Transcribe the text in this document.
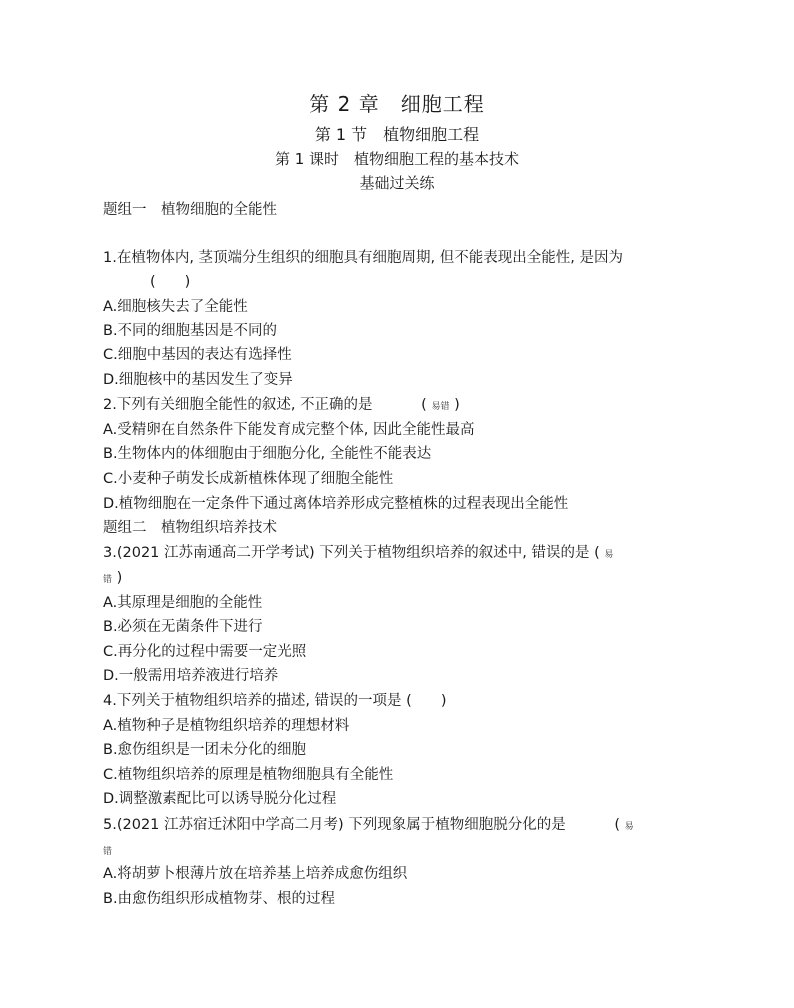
第 2 章　细胞工程
第 1 节　植物细胞工程
第 1 课时　植物细胞工程的基本技术
基础过关练
题组一　植物细胞的全能性
1.在植物体内, 茎顶端分生组织的细胞具有细胞周期, 但不能表现出全能性, 是因为
(　　)
A.细胞核失去了全能性
B.不同的细胞基因是不同的
C.细胞中基因的表达有选择性
D.细胞核中的基因发生了变异
2.下列有关细胞全能性的叙述, 不正确的是	( 易错 )
A.受精卵在自然条件下能发育成完整个体, 因此全能性最高
B.生物体内的体细胞由于细胞分化, 全能性不能表达
C.小麦种子萌发长成新植株体现了细胞全能性
D.植物细胞在一定条件下通过离体培养形成完整植株的过程表现出全能性
题组二　植物组织培养技术
3.(2021 江苏南通高二开学考试) 下列关于植物组织培养的叙述中, 错误的是 ( 易
错 )
A.其原理是细胞的全能性
B.必须在无菌条件下进行
C.再分化的过程中需要一定光照
D.一般需用培养液进行培养
4.下列关于植物组织培养的描述, 错误的一项是 (　　)
A.植物种子是植物组织培养的理想材料
B.愈伤组织是一团未分化的细胞
C.植物组织培养的原理是植物细胞具有全能性
D.调整激素配比可以诱导脱分化过程
5.(2021 江苏宿迁沭阳中学高二月考) 下列现象属于植物细胞脱分化的是	( 易
错
A.将胡萝卜根薄片放在培养基上培养成愈伤组织
B.由愈伤组织形成植物芽、根的过程
